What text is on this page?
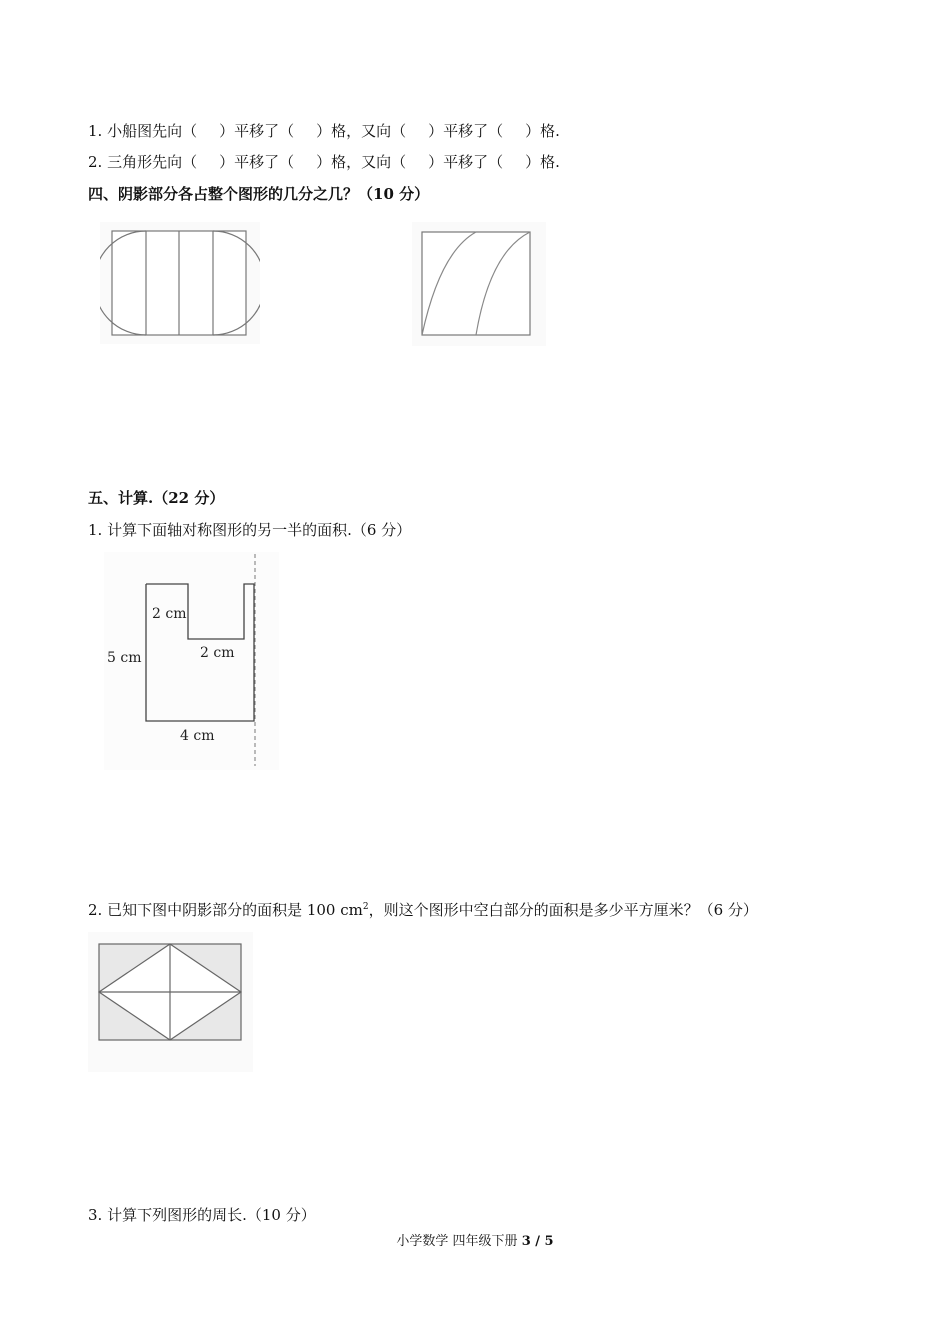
1. 小船图先向（ ）平移了（ ）格，又向（ ）平移了（ ）格.
2. 三角形先向（ ）平移了（ ）格，又向（ ）平移了（ ）格.
四、阴影部分各占整个图形的几分之几？（10 分）
五、计算.（22 分）
1. 计算下面轴对称图形的另一半的面积.（6 分）
2 cm
2 cm
5 cm
4 cm
2. 已知下图中阴影部分的面积是 100 $cm^2$，则这个图形中空白部分的面积是多少平方厘米？（6 分）
3. 计算下列图形的周长.（10 分）
小学数学 四年级下册 3 / 5
